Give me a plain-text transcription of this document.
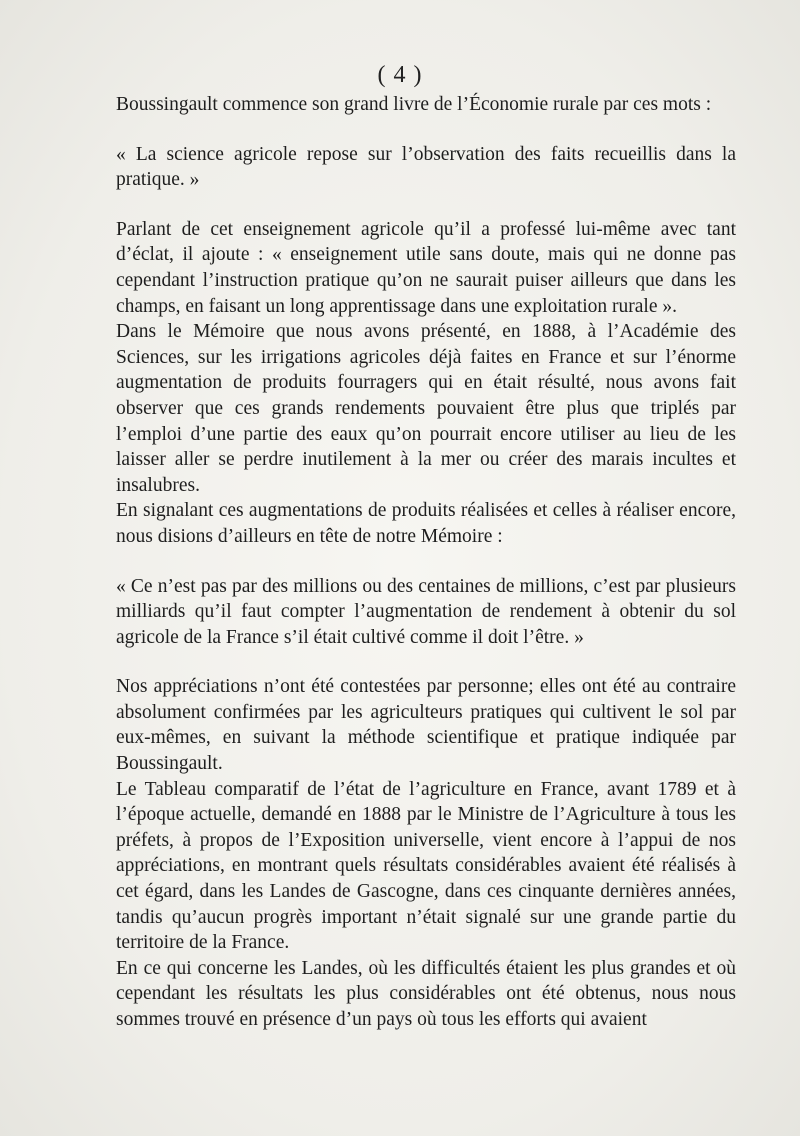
( 4 )

Boussingault commence son grand livre de l’Économie rurale par ces mots :

« La science agricole repose sur l’observation des faits recueillis dans la pratique. »

Parlant de cet enseignement agricole qu’il a professé lui-même avec tant d’éclat, il ajoute : « enseignement utile sans doute, mais qui ne donne pas cependant l’instruction pratique qu’on ne saurait puiser ailleurs que dans les champs, en faisant un long apprentissage dans une exploitation rurale ».

Dans le Mémoire que nous avons présenté, en 1888, à l’Académie des Sciences, sur les irrigations agricoles déjà faites en France et sur l’énorme augmentation de produits fourragers qui en était résulté, nous avons fait observer que ces grands rendements pouvaient être plus que triplés par l’emploi d’une partie des eaux qu’on pourrait encore utiliser au lieu de les laisser aller se perdre inutilement à la mer ou créer des marais incultes et insalubres.

En signalant ces augmentations de produits réalisées et celles à réaliser encore, nous disions d’ailleurs en tête de notre Mémoire :

« Ce n’est pas par des millions ou des centaines de millions, c’est par plusieurs milliards qu’il faut compter l’augmentation de rendement à obtenir du sol agricole de la France s’il était cultivé comme il doit l’être. »

Nos appréciations n’ont été contestées par personne; elles ont été au contraire absolument confirmées par les agriculteurs pratiques qui cultivent le sol par eux-mêmes, en suivant la méthode scientifique et pratique indiquée par Boussingault.

Le Tableau comparatif de l’état de l’agriculture en France, avant 1789 et à l’époque actuelle, demandé en 1888 par le Ministre de l’Agriculture à tous les préfets, à propos de l’Exposition universelle, vient encore à l’appui de nos appréciations, en montrant quels résultats considérables avaient été réalisés à cet égard, dans les Landes de Gascogne, dans ces cinquante dernières années, tandis qu’aucun progrès important n’était signalé sur une grande partie du territoire de la France.

En ce qui concerne les Landes, où les difficultés étaient les plus grandes et où cependant les résultats les plus considérables ont été obtenus, nous nous sommes trouvé en présence d’un pays où tous les efforts qui avaient
